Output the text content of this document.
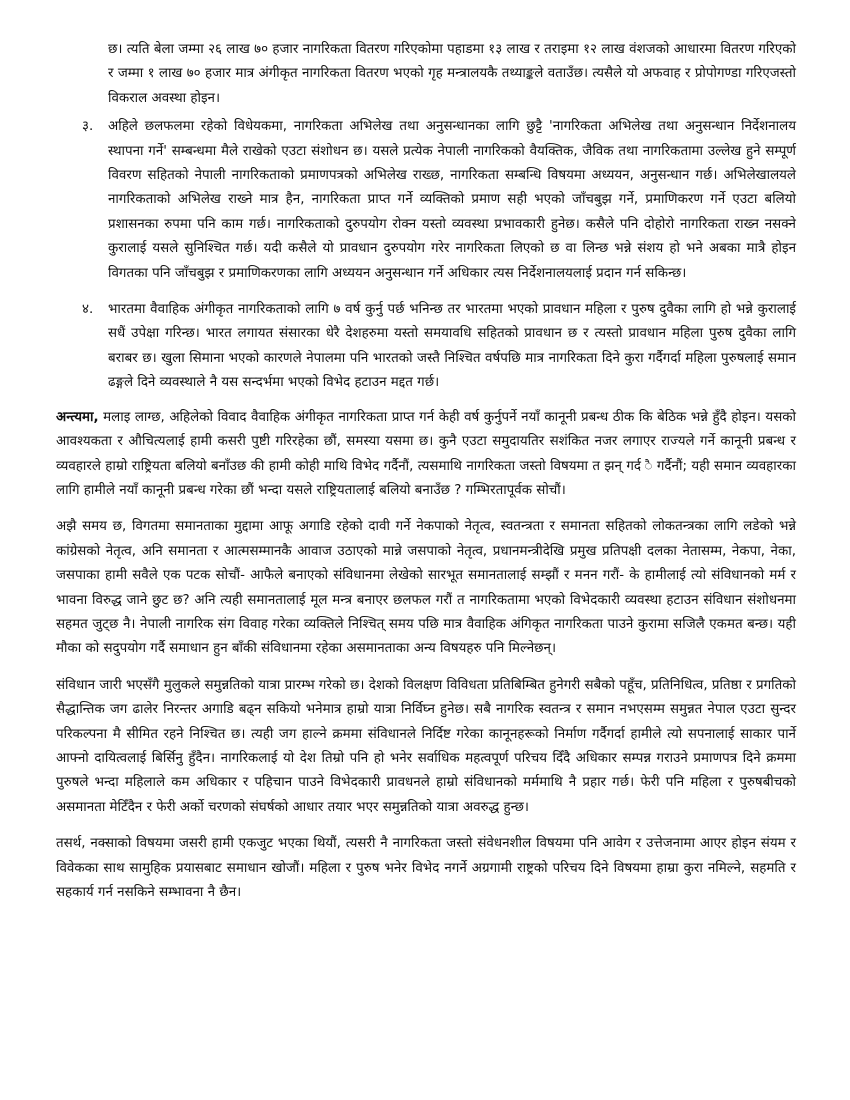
छ। त्यति बेला जम्मा २६ लाख ७० हजार नागरिकता वितरण गरिएकोमा पहाडमा १३ लाख र तराइमा १२ लाख वंशजको आधारमा वितरण गरिएको र जम्मा १ लाख ७० हजार मात्र अंगीकृत नागरिकता वितरण भएको गृह मन्त्रालयकै तथ्याङ्कले वताउँछ। त्यसैले यो अफवाह र प्रोपोगण्डा गरिएजस्तो विकराल अवस्था होइन।
३. अहिले छलफलमा रहेको विधेयकमा, नागरिकता अभिलेख तथा अनुसन्धानका लागि छुट्टै 'नागरिकता अभिलेख तथा अनुसन्धान निर्देशनालय स्थापना गर्ने' सम्बन्धमा मैले राखेको एउटा संशोधन छ। यसले प्रत्येक नेपाली नागरिकको वैयक्तिक, जैविक तथा नागरिकतामा उल्लेख हुने सम्पूर्ण विवरण सहितको नेपाली नागरिकताको प्रमाणपत्रको अभिलेख राख्छ, नागरिकता सम्बन्धि विषयमा अध्ययन, अनुसन्धान गर्छ। अभिलेखालयले नागरिकताको अभिलेख राख्ने मात्र हैन, नागरिकता प्राप्त गर्ने व्यक्तिको प्रमाण सही भएको जाँचबुझ गर्ने, प्रमाणिकरण गर्ने एउटा बलियो प्रशासनका रुपमा पनि काम गर्छ। नागरिकताको दुरुपयोग रोक्न यस्तो व्यवस्था प्रभावकारी हुनेछ। कसैले पनि दोहोरो नागरिकता राख्न नसक्ने कुरालाई यसले सुनिश्चित गर्छ। यदी कसैले यो प्रावधान दुरुपयोग गरेर नागरिकता लिएको छ वा लिन्छ भन्ने संशय हो भने अबका मात्रै होइन विगतका पनि जाँचबुझ र प्रमाणिकरणका लागि अध्ययन अनुसन्धान गर्ने अधिकार त्यस निर्देशनालयलाई प्रदान गर्न सकिन्छ।
४. भारतमा वैवाहिक अंगीकृत नागरिकताको लागि ७ वर्ष कुर्नु पर्छ भनिन्छ तर भारतमा भएको प्रावधान महिला र पुरुष दुवैका लागि हो भन्ने कुरालाई सधैं उपेक्षा गरिन्छ। भारत लगायत संसारका धेरै देशहरुमा यस्तो समयावधि सहितको प्रावधान छ र त्यस्तो प्रावधान महिला पुरुष दुवैका लागि बराबर छ। खुला सिमाना भएको कारणले नेपालमा पनि भारतको जस्तै निश्चित वर्षपछि मात्र नागरिकता दिने कुरा गर्दैगर्दा महिला पुरुषलाई समान ढङ्गले दिने व्यवस्थाले नै यस सन्दर्भमा भएको विभेद हटाउन मद्दत गर्छ।

अन्त्यमा, मलाइ लाग्छ, अहिलेको विवाद वैवाहिक अंगीकृत नागरिकता प्राप्त गर्न केही वर्ष कुर्नुपर्ने नयाँ कानूनी प्रबन्ध ठीक कि बेठिक भन्ने हुँदै होइन। यसको आवश्यकता र औचित्यलाई हामी कसरी पुष्टी गरिरहेका छौं, समस्या यसमा छ। कुनै एउटा समुदायतिर सशंकित नजर लगाएर राज्यले गर्ने कानूनी प्रबन्ध र व्यवहारले हाम्रो राष्ट्रियता बलियो बनाँउछ की हामी कोही माथि विभेद गर्दैनौं, त्यसमाथि नागरिकता जस्तो विषयमा त झन् गर्द ै गर्दैनौं; यही समान व्यवहारका लागि हामीले नयाँ कानूनी प्रबन्ध गरेका छौं भन्दा यसले राष्ट्रियतालाई बलियो बनाउँछ ? गम्भिरतापूर्वक सोचौं।

अझै समय छ, विगतमा समानताका मुद्दामा आफू अगाडि रहेको दावी गर्ने नेकपाको नेतृत्व, स्वतन्त्रता र समानता सहितको लोकतन्त्रका लागि लडेको भन्ने कांग्रेसको नेतृत्व, अनि समानता र आत्मसम्मानकै आवाज उठाएको मान्ने जसपाको नेतृत्व, प्रधानमन्त्रीदेखि प्रमुख प्रतिपक्षी दलका नेतासम्म, नेकपा, नेका, जसपाका हामी सवैले एक पटक सोचौं- आफैले बनाएको संविधानमा लेखेको सारभूत समानतालाई सम्झौं र मनन गरौं- के हामीलाई त्यो संविधानको मर्म र भावना विरुद्ध जाने छुट छ? अनि त्यही समानतालाई मूल मन्त्र बनाएर छलफल गरौं त नागरिकतामा भएको विभेदकारी व्यवस्था हटाउन संविधान संशोधनमा सहमत जुट्छ नै। नेपाली नागरिक संग विवाह गरेका व्यक्तिले निश्चित् समय पछि मात्र वैवाहिक अंगिकृत नागरिकता पाउने कुरामा सजिलै एकमत बन्छ। यही मौका को सदुपयोग गर्दै समाधान हुन बाँकी संविधानमा रहेका असमानताका अन्य विषयहरु पनि मिल्नेछन्।

संविधान जारी भएसँगै मुलुकले समुन्नतिको यात्रा प्रारम्भ गरेको छ। देशको विलक्षण विविधता प्रतिबिम्बित हुनेगरी सबैको पहूँच, प्रतिनिधित्व, प्रतिष्ठा र प्रगतिको सैद्धान्तिक जग ढालेर निरन्तर अगाडि बढ्न सकियो भनेमात्र हाम्रो यात्रा निर्विघ्न हुनेछ। सबै नागरिक स्वतन्त्र र समान नभएसम्म समुन्नत नेपाल एउटा सुन्दर परिकल्पना मै सीमित रहने निश्चित छ। त्यही जग हाल्ने क्रममा संविधानले निर्दिष्ट गरेका कानूनहरूको निर्माण गर्दैगर्दा हामीले त्यो सपनालाई साकार पार्ने आफ्नो दायित्वलाई बिर्सिनु हुँदैन। नागरिकलाई यो देश तिम्रो पनि हो भनेर सर्वाधिक महत्वपूर्ण परिचय दिँदै अधिकार सम्पन्न गराउने प्रमाणपत्र दिने क्रममा पुरुषले भन्दा महिलाले कम अधिकार र पहिचान पाउने विभेदकारी प्रावधनले हाम्रो संविधानको मर्ममाथि नै प्रहार गर्छ। फेरी पनि महिला र पुरुषबीचको असमानता मेटिँदैन र फेरी अर्को चरणको संघर्षको आधार तयार भएर समुन्नतिको यात्रा अवरुद्ध हुन्छ।

तसर्थ, नक्साको विषयमा जसरी हामी एकजुट भएका थियौं, त्यसरी नै नागरिकता जस्तो संवेधनशील विषयमा पनि आवेग र उत्तेजनामा आएर होइन संयम र विवेकका साथ सामुहिक प्रयासबाट समाधान खोजौं। महिला र पुरुष भनेर विभेद नगर्ने अग्रगामी राष्ट्रको परिचय दिने विषयमा हाम्रा कुरा नमिल्ने, सहमति र सहकार्य गर्न नसकिने सम्भावना नै छैन।
